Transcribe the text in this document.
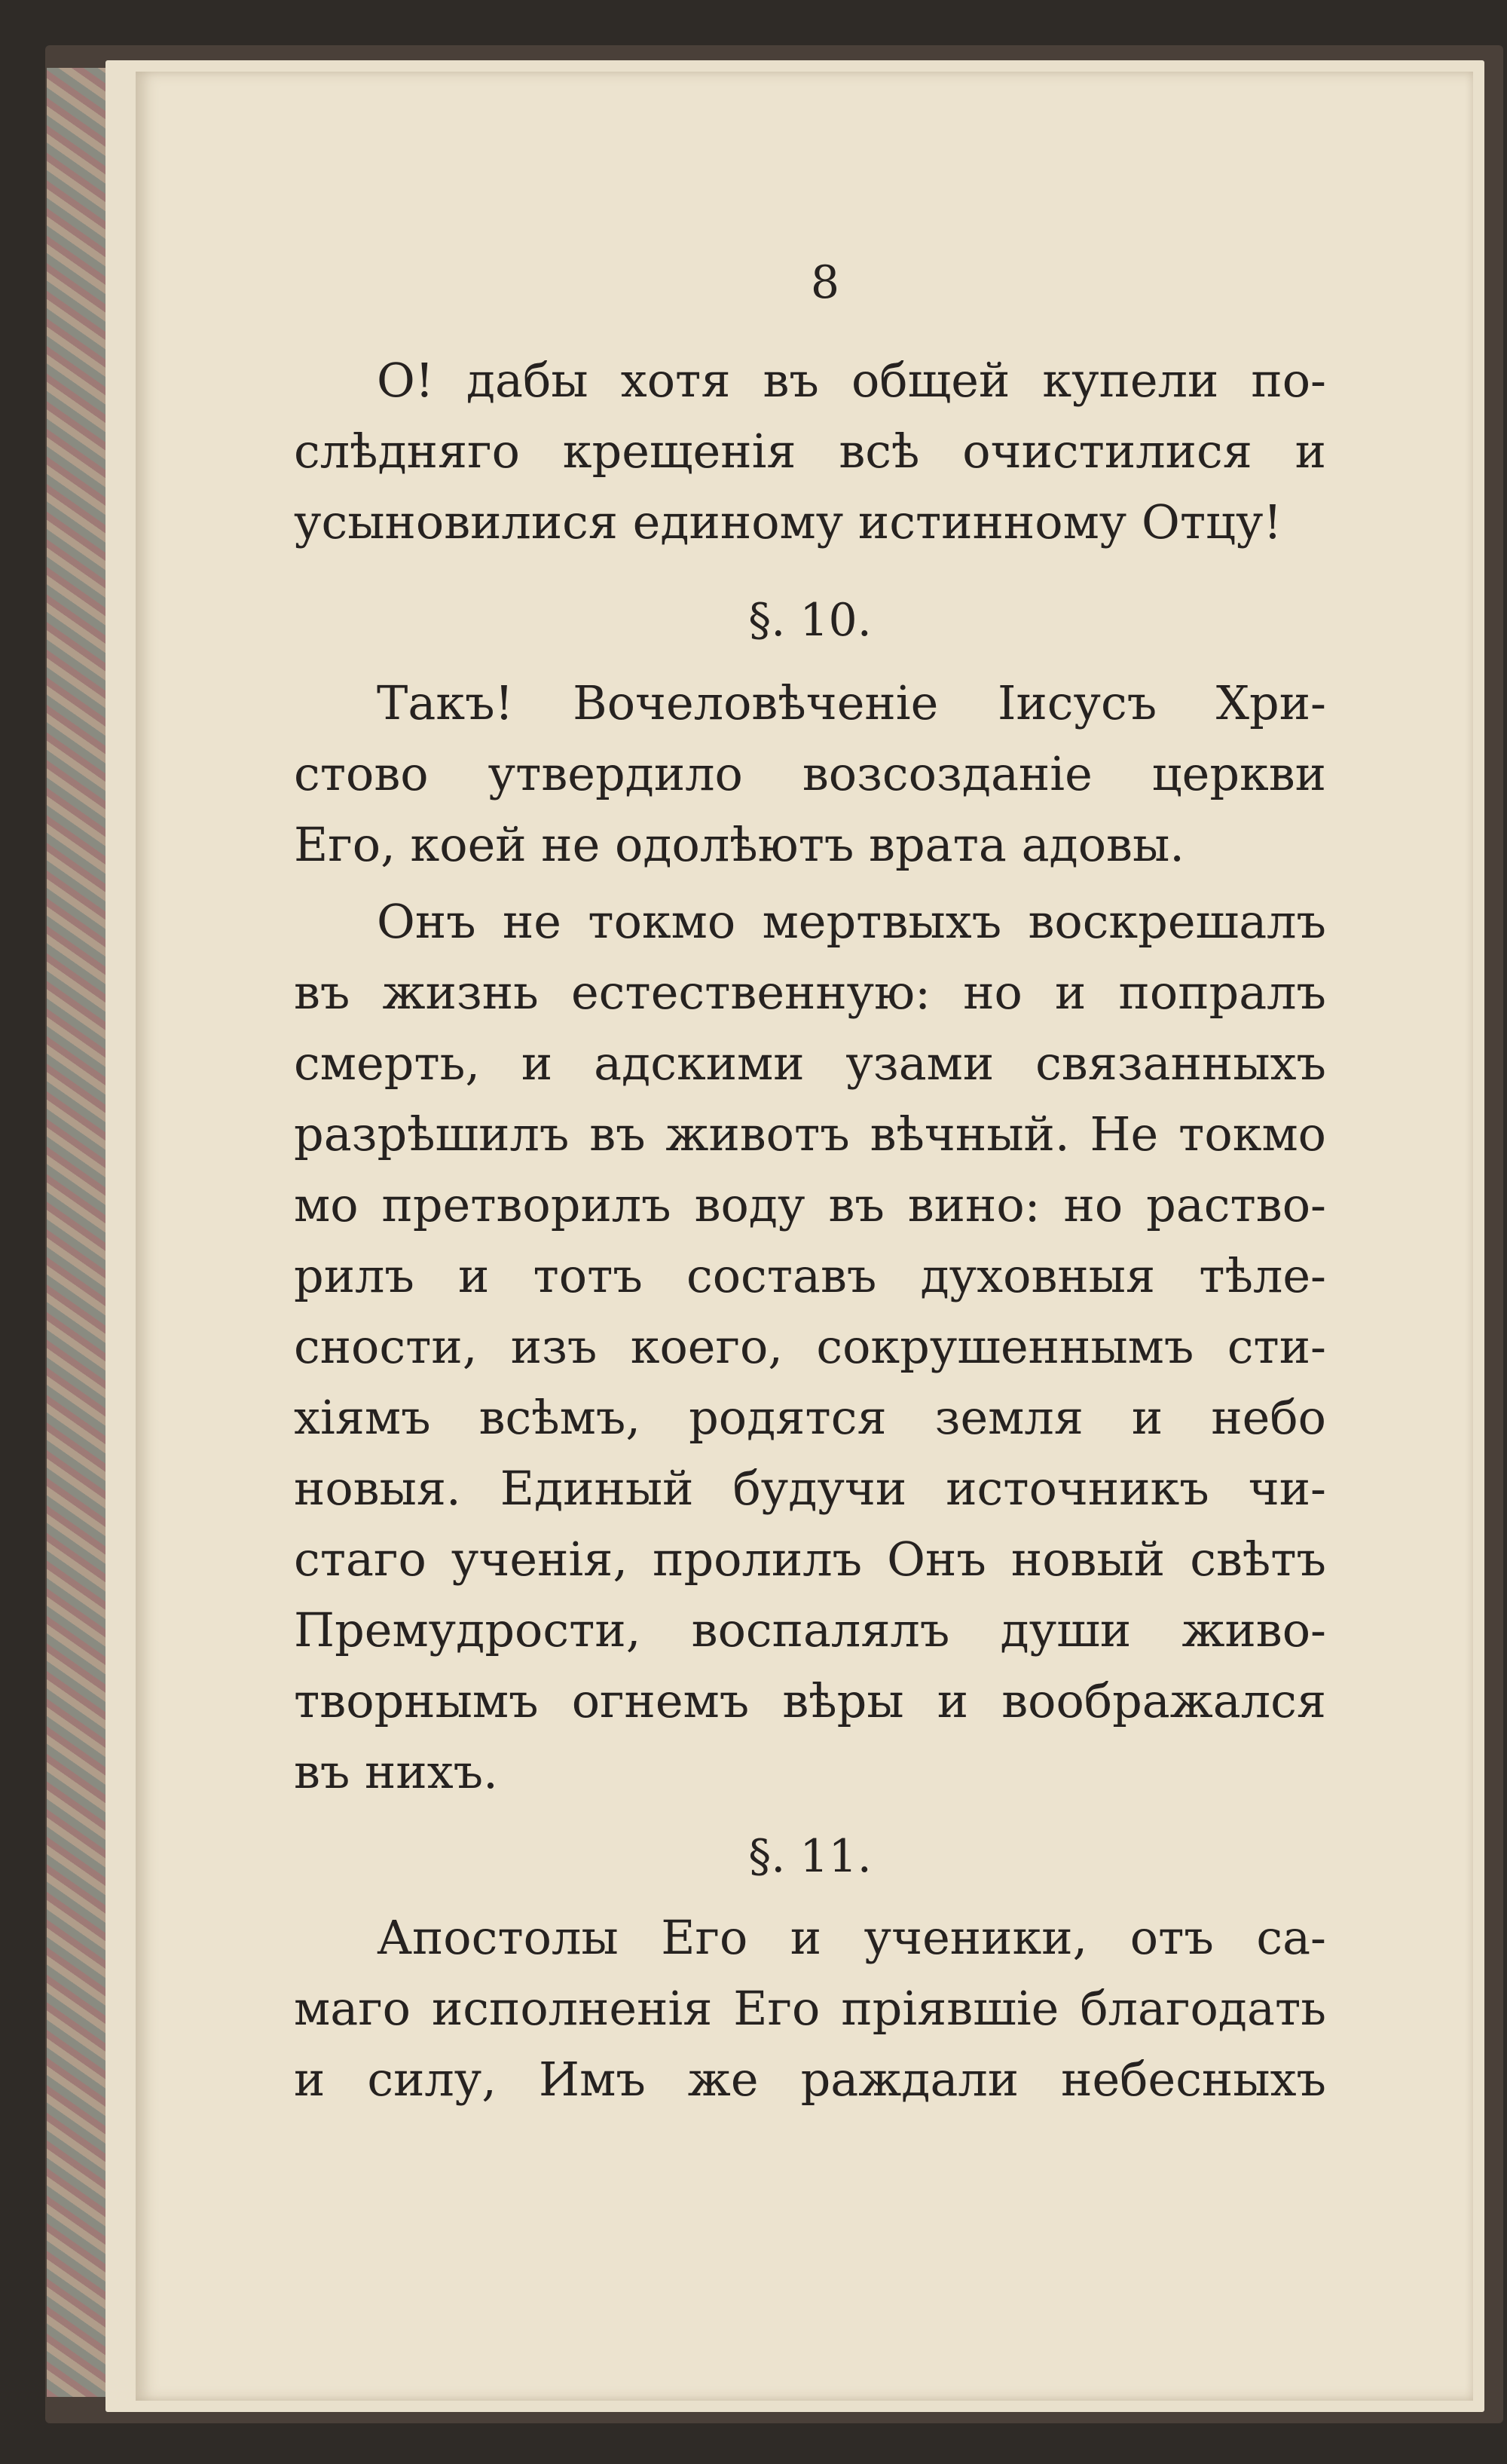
8
О! дабы хотя въ общей купели по-
слѣдняго крещенія всѣ очистилися и
усыновилися единому истинному Отцу!
§. 10.
Такъ! Вочеловѣченіе Іисусъ Хри-
стово утвердило возсозданіе церкви
Его, коей не одолѣютъ врата адовы.
Онъ не токмо мертвыхъ воскрешалъ
въ жизнь естественную: но и попралъ
смерть, и адскими узами связанныхъ
разрѣшилъ въ животъ вѣчный. Не токмо
мо претворилъ воду въ вино: но раство-
рилъ и тотъ составъ духовныя тѣле-
сности, изъ коего, сокрушеннымъ сти-
хіямъ всѣмъ, родятся земля и небо
новыя. Единый будучи источникъ чи-
стаго ученія, пролилъ Онъ новый свѣтъ
Премудрости, воспалялъ души живо-
творнымъ огнемъ вѣры и воображался
въ нихъ.
§. 11.
Апостолы Его и ученики, отъ са-
маго исполненія Его пріявшіе благодать
и силу, Имъ же раждали небесныхъ
